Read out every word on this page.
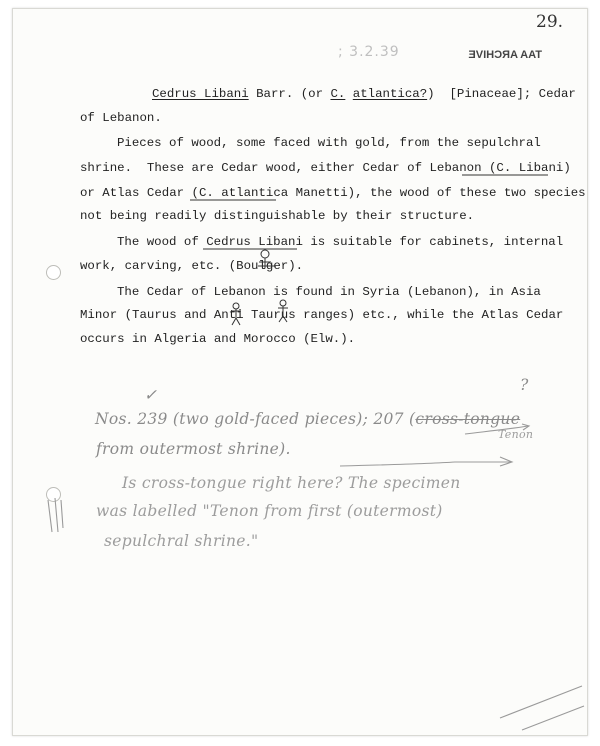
29.
; 3.2.39	TAA ARCHIVE
Cedrus Libani Barr. (or C. atlantica?)  [Pinaceae]; Cedar
of Lebanon.
Pieces of wood, some faced with gold, from the sepulchral
shrine.  These are Cedar wood, either Cedar of Lebanon (C. Libani)
or Atlas Cedar (C. atlantica Manetti), the wood of these two species
not being readily distinguishable by their structure.
The wood of Cedrus Libani is suitable for cabinets, internal
work, carving, etc. (Boulger).
The Cedar of Lebanon is found in Syria (Lebanon), in Asia
Minor (Taurus and Anti Taurus ranges) etc., while the Atlas Cedar
occurs in Algeria and Morocco (Elw.).
?
✓
Nos. 239 (two gold-faced pieces); 207 (cross-tongue
Tenon
from outermost shrine).
Is cross-tongue right here? The specimen
was labelled "Tenon from first (outermost)
sepulchral shrine."
